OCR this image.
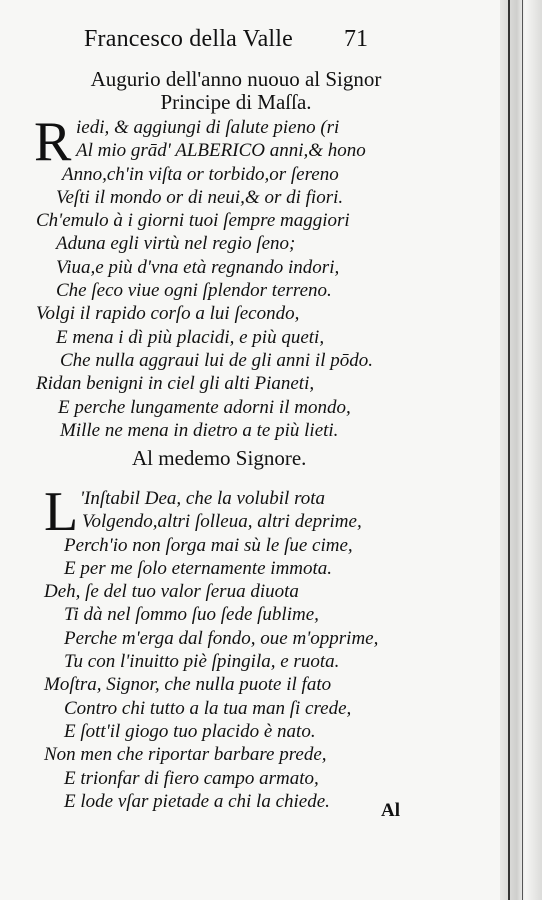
Francesco della Valle 71
Augurio dell'anno nuouo al Signor
Principe di Maſſa.
R iedi, & aggiungi di ſalute pieno (ri
Al mio grād' ALBERICO anni,& hono
Anno,ch'in viſta or torbido,or ſereno
Veſti il mondo or di neui,& or di fiori.
Ch'emulo à i giorni tuoi ſempre maggiori
Aduna egli virtù nel regio ſeno;
Viua,e più d'vna età regnando indori,
Che ſeco viue ogni ſplendor terreno.
Volgi il rapido corſo a lui ſecondo,
E mena i dì più placidi, e più queti,
Che nulla aggraui lui de gli anni il pōdo.
Ridan benigni in ciel gli alti Pianeti,
E perche lungamente adorni il mondo,
Mille ne mena in dietro a te più lieti.
Al medemo Signore.
L 'Inſtabil Dea, che la volubil rota
Volgendo,altri ſolleua, altri deprime,
Perch'io non ſorga mai sù le ſue cime,
E per me ſolo eternamente immota.
Deh, ſe del tuo valor ſerua diuota
Ti dà nel ſommo ſuo ſede ſublime,
Perche m'erga dal fondo, oue m'opprime,
Tu con l'inuitto piè ſpingila, e ruota.
Moſtra, Signor, che nulla puote il fato
Contro chi tutto a la tua man ſi crede,
E ſott'il giogo tuo placido è nato.
Non men che riportar barbare prede,
E trionfar di fiero campo armato,
E lode vſar pietade a chi la chiede.	Al
